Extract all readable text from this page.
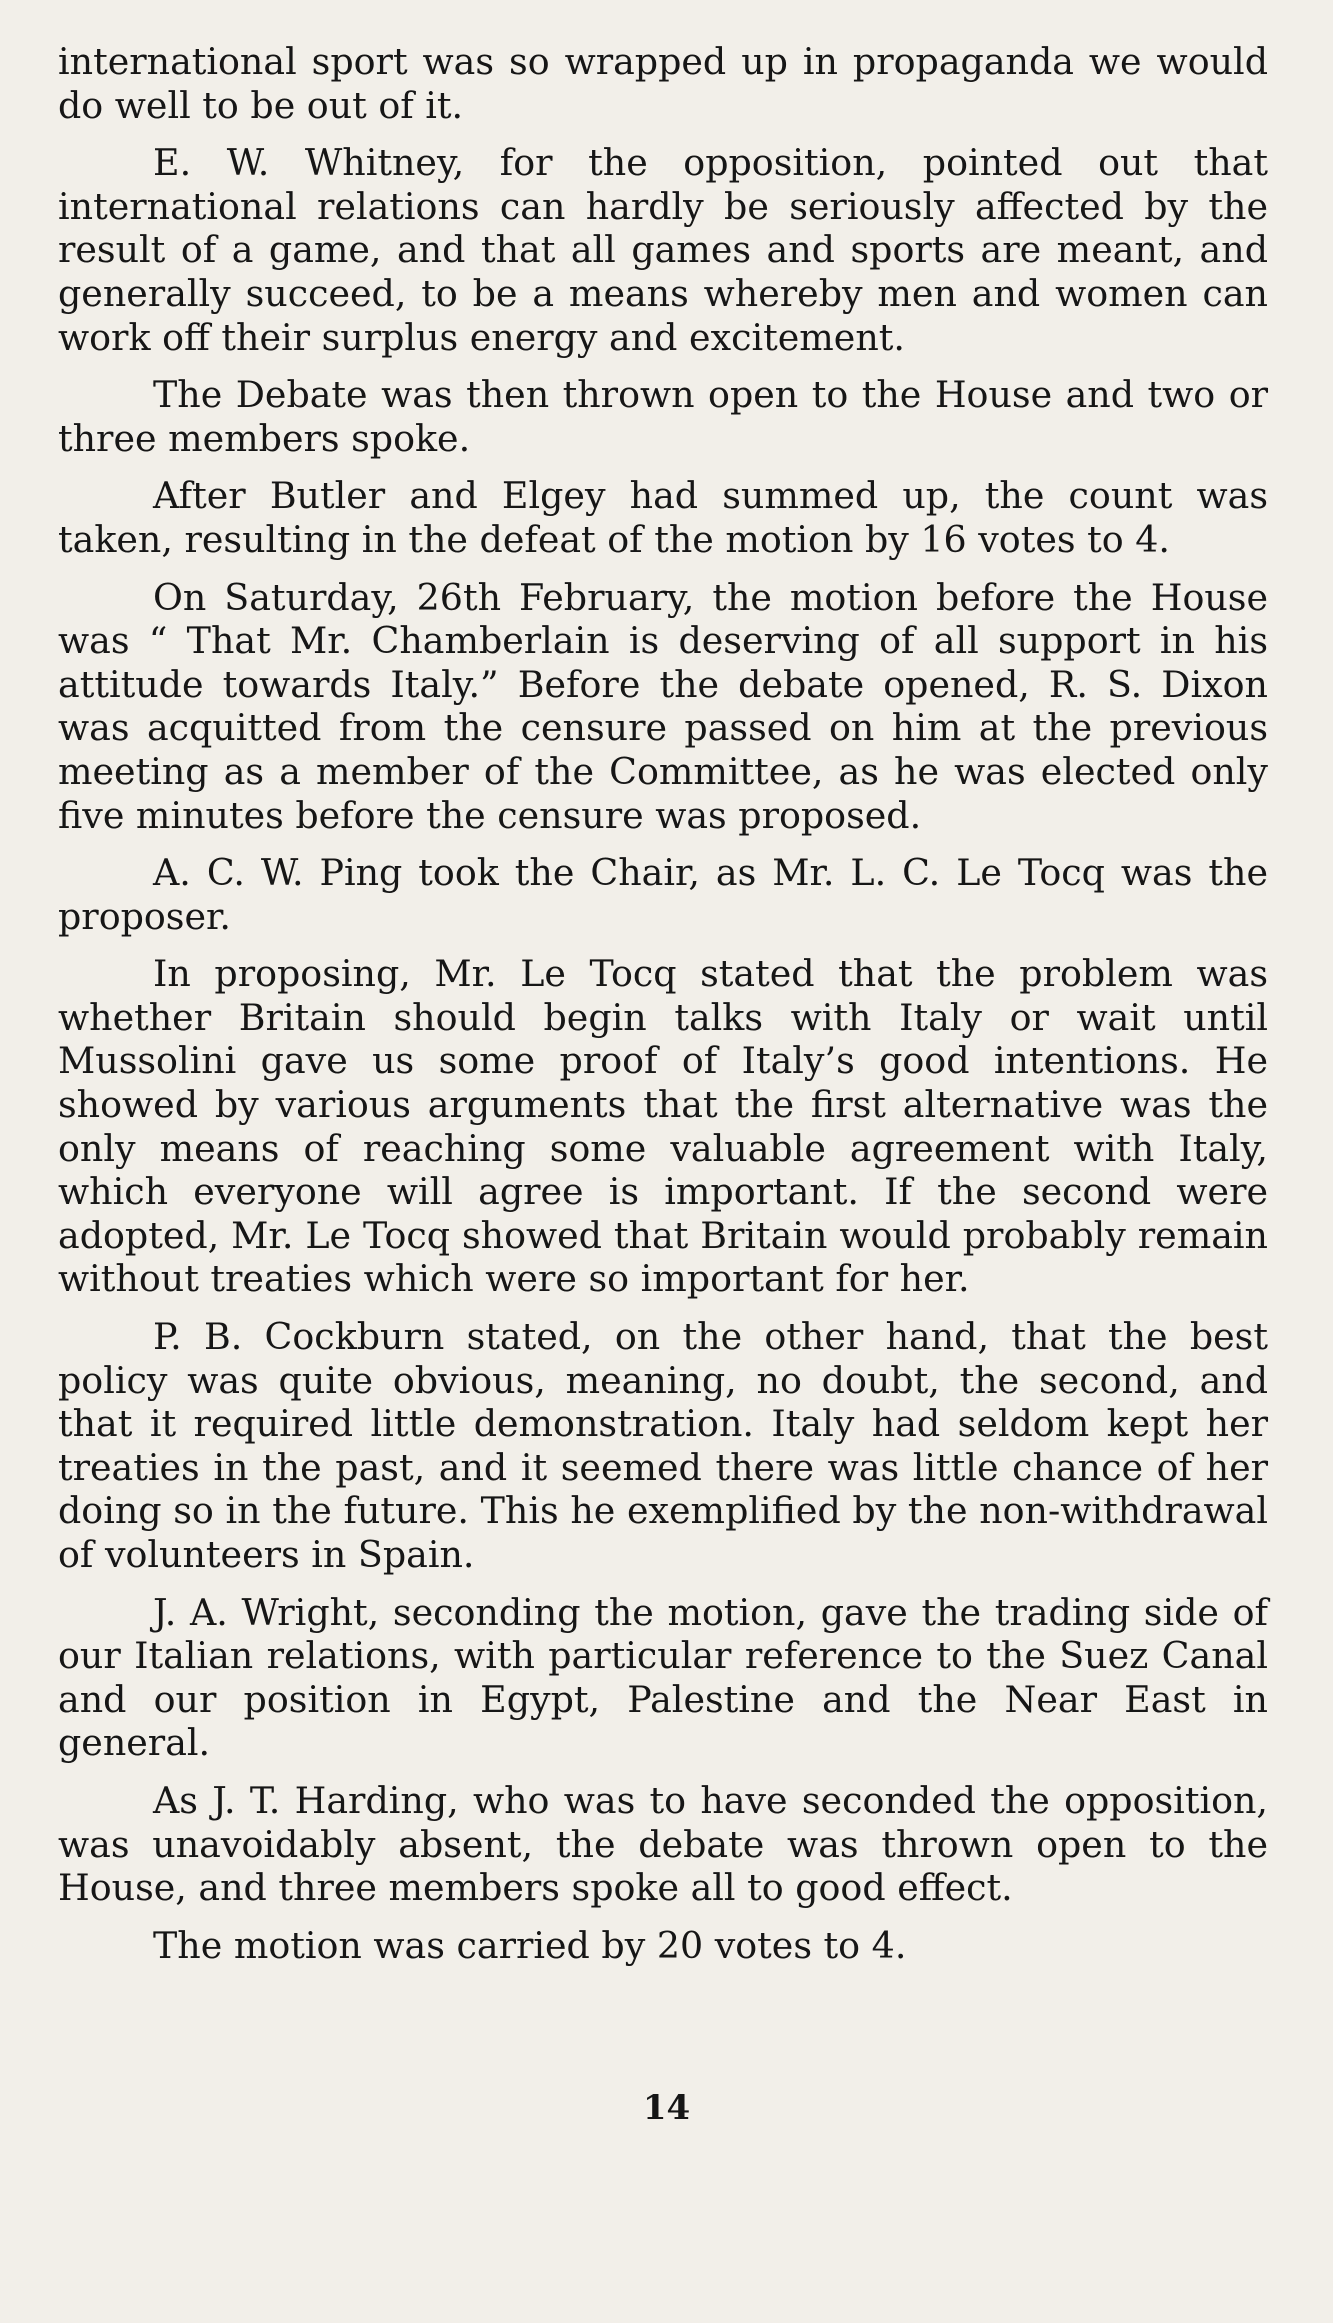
international sport was so wrapped up in propaganda we would do well to be out of it.

E. W. Whitney, for the opposition, pointed out that international relations can hardly be seriously affected by the result of a game, and that all games and sports are meant, and generally succeed, to be a means whereby men and women can work off their surplus energy and excitement.

The Debate was then thrown open to the House and two or three members spoke.

After Butler and Elgey had summed up, the count was taken, resulting in the defeat of the motion by 16 votes to 4.

On Saturday, 26th February, the motion before the House was “ That Mr. Chamberlain is deserving of all support in his attitude towards Italy.” Before the debate opened, R. S. Dixon was acquitted from the censure passed on him at the previous meeting as a member of the Committee, as he was elected only five minutes before the censure was proposed.

A. C. W. Ping took the Chair, as Mr. L. C. Le Tocq was the proposer.

In proposing, Mr. Le Tocq stated that the problem was whether Britain should begin talks with Italy or wait until Mussolini gave us some proof of Italy’s good intentions. He showed by various arguments that the first alternative was the only means of reaching some valuable agreement with Italy, which everyone will agree is important. If the second were adopted, Mr. Le Tocq showed that Britain would probably remain without treaties which were so important for her.

P. B. Cockburn stated, on the other hand, that the best policy was quite obvious, meaning, no doubt, the second, and that it required little demonstration. Italy had seldom kept her treaties in the past, and it seemed there was little chance of her doing so in the future. This he exemplified by the non-withdrawal of volunteers in Spain.

J. A. Wright, seconding the motion, gave the trading side of our Italian relations, with particular reference to the Suez Canal and our position in Egypt, Palestine and the Near East in general.

As J. T. Harding, who was to have seconded the opposition, was unavoidably absent, the debate was thrown open to the House, and three members spoke all to good effect.

The motion was carried by 20 votes to 4.

14
